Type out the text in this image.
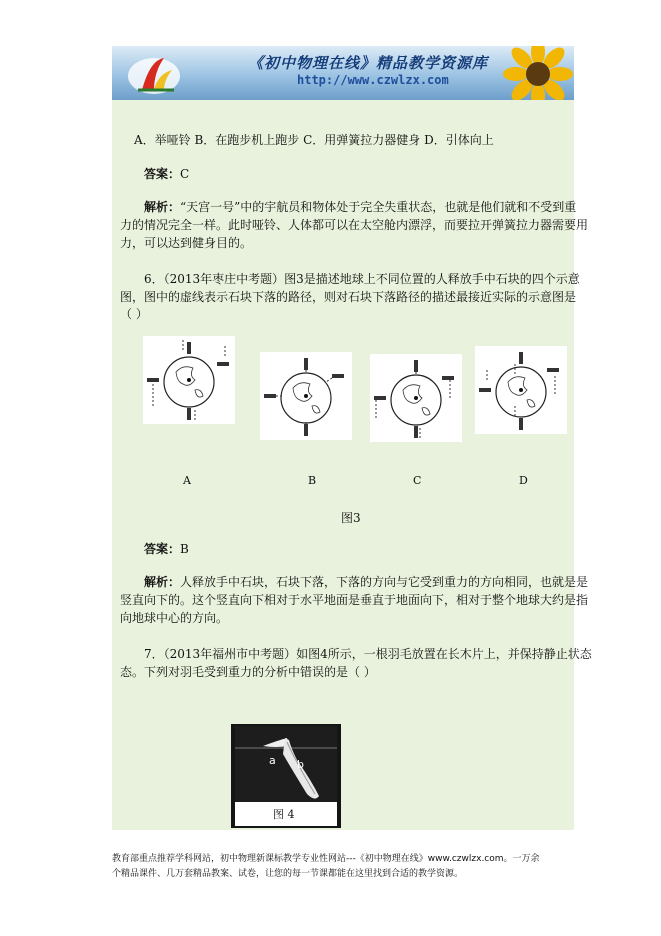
《初中物理在线》精品教学资源库
http://www.czwlzx.com
A．举哑铃 B．在跑步机上跑步 C．用弹簧拉力器健身 D．引体向上
答案：C
解析：“天宫一号”中的宇航员和物体处于完全失重状态，也就是他们就和不受到重
力的情况完全一样。此时哑铃、人体都可以在太空舱内漂浮，而要拉开弹簧拉力器需要用
力，可以达到健身目的。
6．（2013年枣庄中考题）图3是描述地球上不同位置的人释放手中石块的四个示意
图，图中的虚线表示石块下落的路径，则对石块下落路径的描述最接近实际的示意图是
（ ）
A	B	C	D
图3
答案：B
解析：人释放手中石块，石块下落，下落的方向与它受到重力的方向相同，也就是是
竖直向下的。这个竖直向下相对于水平地面是垂直于地面向下，相对于整个地球大约是指
向地球中心的方向。
7．（2013年福州市中考题）如图4所示，一根羽毛放置在长木片上，并保持静止状态
态。下列对羽毛受到重力的分析中错误的是（ ）
a b
图 4
教育部重点推荐学科网站，初中物理新课标教学专业性网站---《初中物理在线》www.czwlzx.com。一万余
个精品课件、几万套精品教案、试卷，让您的每一节课都能在这里找到合适的教学资源。
